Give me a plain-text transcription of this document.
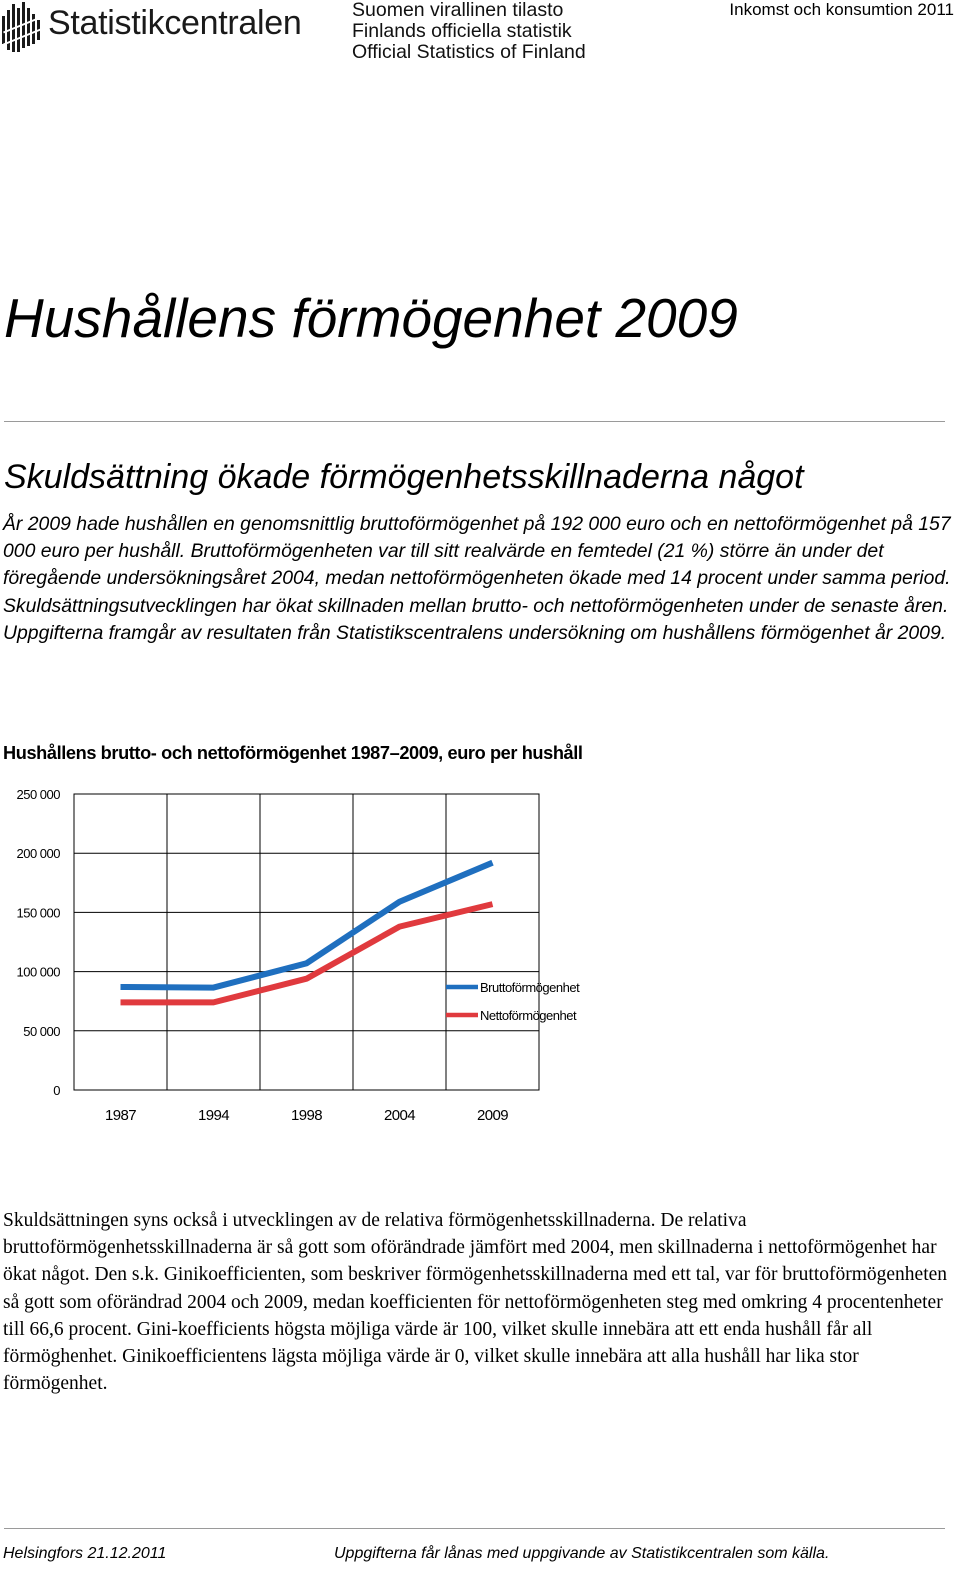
Statistikcentralen	Suomen virallinen tilasto
Finlands officiella statistik
Official Statistics of Finland
Inkomst och konsumtion 2011
Hushållens förmögenhet 2009
Skuldsättning ökade förmögenhetsskillnaderna något

År 2009 hade hushållen en genomsnittlig bruttoförmögenhet på 192 000 euro och en nettoförmögenhet på 157 000 euro per hushåll. Bruttoförmögenheten var till sitt realvärde en femtedel (21 %) större än under det föregående undersökningsåret 2004, medan nettoförmögenheten ökade med 14 procent under samma period. Skuldsättningsutvecklingen har ökat skillnaden mellan brutto- och nettoförmögenheten under de senaste åren. Uppgifterna framgår av resultaten från Statistikscentralens undersökning om hushållens förmögenhet år 2009.

Hushållens brutto- och nettoförmögenhet 1987–2009, euro per hushåll
0
50 000
100 000
150 000
200 000
250 000
1987	1994	1998	2004	2009
Bruttoförmögenhet
Nettoförmögenhet

Skuldsättningen syns också i utvecklingen av de relativa förmögenhetsskillnaderna. De relativa bruttoförmögenhetsskillnaderna är så gott som oförändrade jämfört med 2004, men skillnaderna i nettoförmögenhet har ökat något. Den s.k. Ginikoefficienten, som beskriver förmögenhetsskillnaderna med ett tal, var för bruttoförmögenheten så gott som oförändrad 2004 och 2009, medan koefficienten för nettoförmögenheten steg med omkring 4 procentenheter till 66,6 procent. Gini-koefficients högsta möjliga värde är 100, vilket skulle innebära att ett enda hushåll får all förmöghenhet. Ginikoefficientens lägsta möjliga värde är 0, vilket skulle innebära att alla hushåll har lika stor förmögenhet.

Helsingfors 21.12.2011	Uppgifterna får lånas med uppgivande av Statistikcentralen som källa.
